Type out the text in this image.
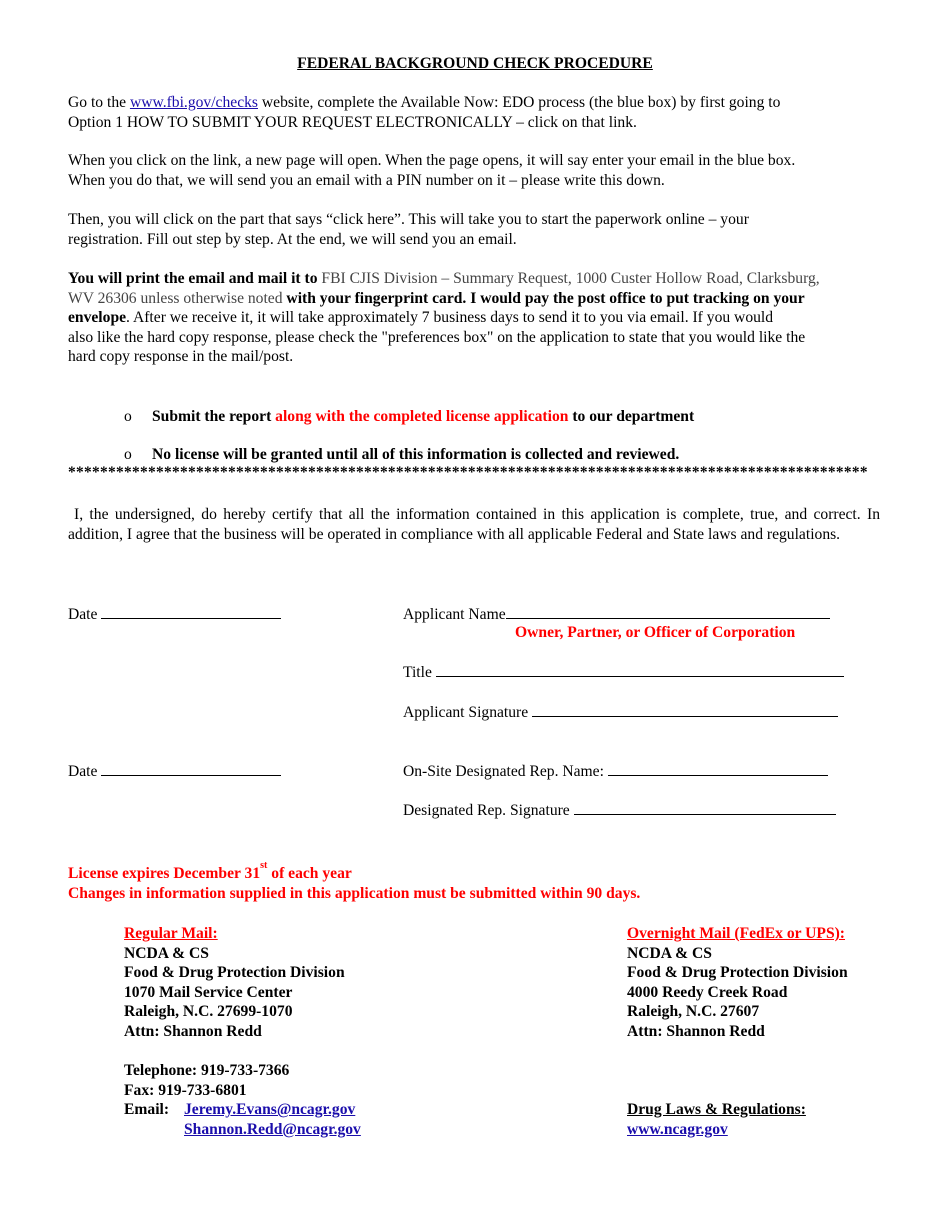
FEDERAL BACKGROUND CHECK PROCEDURE
Go to the www.fbi.gov/checks website, complete the Available Now: EDO process (the blue box) by first going to
Option 1 HOW TO SUBMIT YOUR REQUEST ELECTRONICALLY – click on that link.
When you click on the link, a new page will open. When the page opens, it will say enter your email in the blue box.
When you do that, we will send you an email with a PIN number on it – please write this down.
Then, you will click on the part that says “click here”. This will take you to start the paperwork online – your
registration. Fill out step by step. At the end, we will send you an email.
You will print the email and mail it to FBI CJIS Division – Summary Request, 1000 Custer Hollow Road, Clarksburg,
WV 26306 unless otherwise noted with your fingerprint card. I would pay the post office to put tracking on your
envelope. After we receive it, it will take approximately 7 business days to send it to you via email. If you would
also like the hard copy response, please check the "preferences box" on the application to state that you would like the
hard copy response in the mail/post.
o Submit the report along with the completed license application to our department
o No license will be granted until all of this information is collected and reviewed.
****************************************************************************************************
I, the undersigned, do hereby certify that all the information contained in this application is complete, true, and correct. In addition, I agree that the business will be operated in compliance with all applicable Federal and State laws and regulations.
Date	Applicant Name
Owner, Partner, or Officer of Corporation
Title
Applicant Signature
Date	On-Site Designated Rep. Name:
Designated Rep. Signature
License expires December 31st of each year
Changes in information supplied in this application must be submitted within 90 days.
Regular Mail:
NCDA & CS
Food & Drug Protection Division
1070 Mail Service Center
Raleigh, N.C. 27699-1070
Attn: Shannon Redd
Overnight Mail (FedEx or UPS):
NCDA & CS
Food & Drug Protection Division
4000 Reedy Creek Road
Raleigh, N.C. 27607
Attn: Shannon Redd
Telephone: 919-733-7366
Fax: 919-733-6801
Email: Jeremy.Evans@ncagr.gov
Shannon.Redd@ncagr.gov
Drug Laws & Regulations:
www.ncagr.gov
